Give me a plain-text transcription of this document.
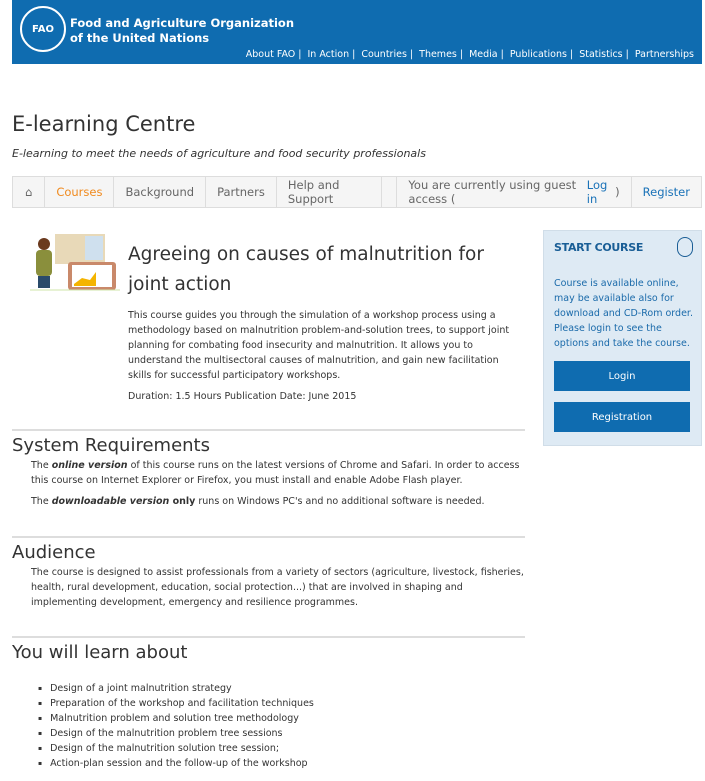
FAO	Food and Agriculture Organization
of the United Nations
About FAO | In Action | Countries | Themes | Media | Publications | Statistics | Partnerships
E-learning Centre
E-learning to meet the needs of agriculture and food security professionals
⌂	Courses	Background	Partners	Help and Support
You are currently using guest access (
Log in	) Register
Agreeing on causes of malnutrition for joint action

This course guides you through the simulation of a workshop process using a methodology based on malnutrition problem-and-solution trees, to support joint planning for combating food insecurity and malnutrition. It allows you to understand the multisectoral causes of malnutrition, and gain new facilitation skills for successful participatory workshops.

Duration: 1.5 Hours Publication Date: June 2015
System Requirements

The online version of this course runs on the latest versions of Chrome and Safari. In order to access this course on Internet Explorer or Firefox, you must install and enable Adobe Flash player.

The downloadable version only runs on Windows PC's and no additional software is needed.

Audience

The course is designed to assist professionals from a variety of sectors (agriculture, livestock, fisheries, health, rural development, education, social protection...) that are involved in shaping and implementing development, emergency and resilience programmes.

You will learn about
▪ Design of a joint malnutrition strategy
▪ Preparation of the workshop and facilitation techniques
▪ Malnutrition problem and solution tree methodology
▪ Design of the malnutrition problem tree sessions
▪ Design of the malnutrition solution tree session;
▪ Action-plan session and the follow-up of the workshop
START COURSE

Course is available online, may be available also for download and CD-Rom order. Please login to see the options and take the course.

Login
Registration
